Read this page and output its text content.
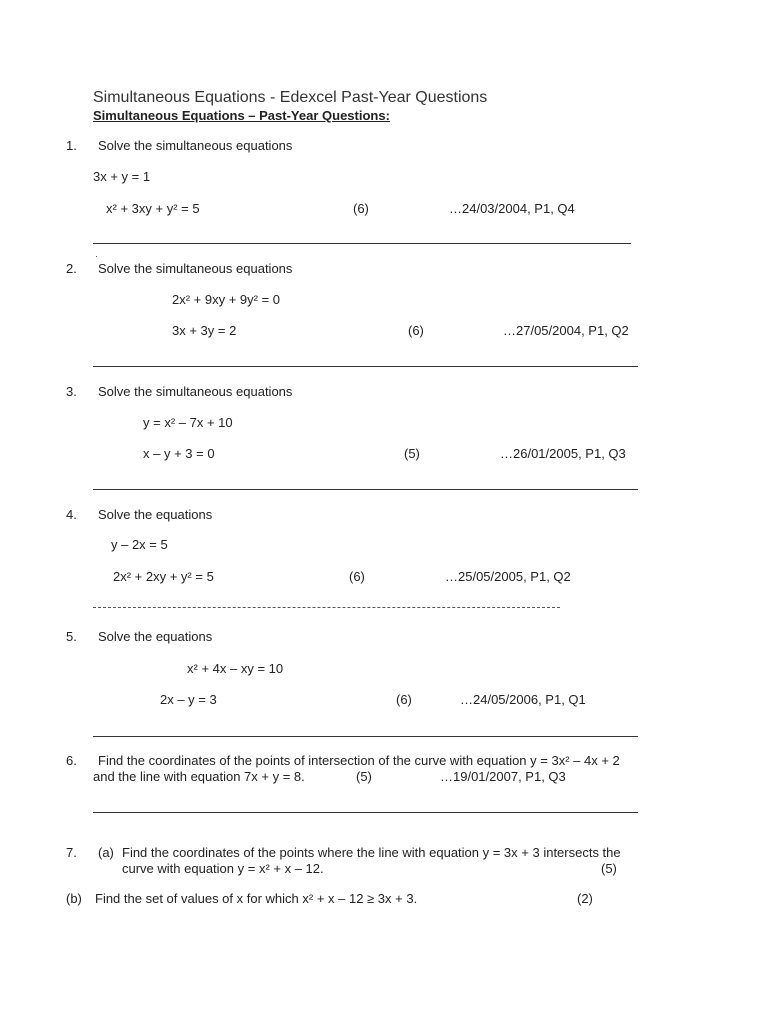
Simultaneous Equations - Edexcel Past-Year Questions
Simultaneous Equations – Past-Year Questions:
1. Solve the simultaneous equations
3x + y = 1
x² + 3xy + y² = 5	(6)	…24/03/2004, P1, Q4
2. Solve the simultaneous equations
2x² + 9xy + 9y² = 0
3x + 3y = 2	(6)	…27/05/2004, P1, Q2
3. Solve the simultaneous equations
y = x² – 7x + 10
x – y + 3 = 0	(5)	…26/01/2005, P1, Q3
4. Solve the equations
y – 2x = 5
2x² + 2xy + y² = 5	(6)	…25/05/2005, P1, Q2
5. Solve the equations
x² + 4x – xy = 10
2x – y = 3	(6)	…24/05/2006, P1, Q1
6. Find the coordinates of the points of intersection of the curve with equation y = 3x² – 4x + 2
and the line with equation 7x + y = 8.	(5)	…19/01/2007, P1, Q3
7. (a) Find the coordinates of the points where the line with equation y = 3x + 3 intersects the
curve with equation y = x² + x – 12.	(5)
(b) Find the set of values of x for which x² + x – 12 ≥ 3x + 3.	(2)
